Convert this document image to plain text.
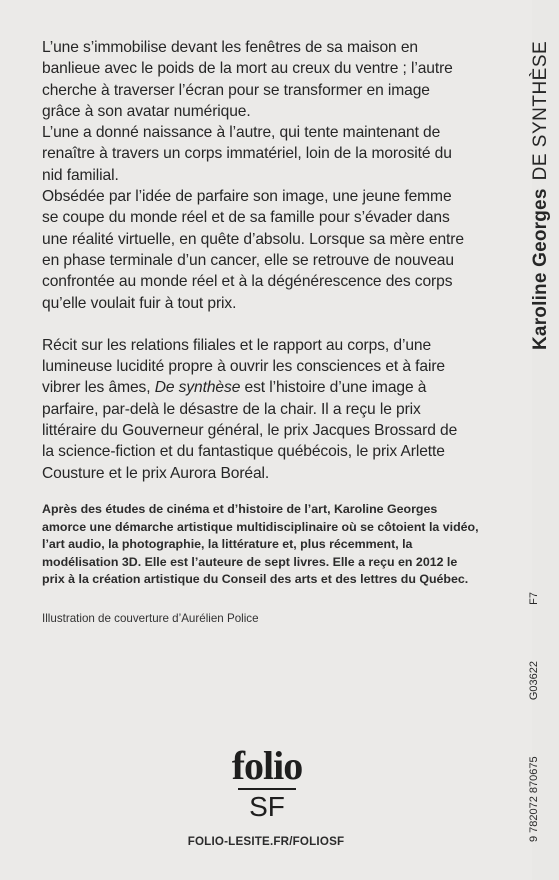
L’une s’immobilise devant les fenêtres de sa maison en banlieue avec le poids de la mort au creux du ventre ; l’autre cherche à traverser l’écran pour se transformer en image grâce à son avatar numérique.

L’une a donné naissance à l’autre, qui tente maintenant de renaître à travers un corps immatériel, loin de la morosité du nid familial.

Obsédée par l’idée de parfaire son image, une jeune femme se coupe du monde réel et de sa famille pour s’évader dans une réalité virtuelle, en quête d’absolu. Lorsque sa mère entre en phase terminale d’un cancer, elle se retrouve de nouveau confrontée au monde réel et à la dégénérescence des corps qu’elle voulait fuir à tout prix.

Récit sur les relations filiales et le rapport au corps, d’une lumineuse lucidité propre à ouvrir les consciences et à faire vibrer les âmes, De synthèse est l’histoire d’une image à parfaire, par-delà le désastre de la chair. Il a reçu le prix littéraire du Gouverneur général, le prix Jacques Brossard de la science-fiction et du fantastique québécois, le prix Arlette Cousture et le prix Aurora Boréal.

Après des études de cinéma et d’histoire de l’art, Karoline Georges amorce une démarche artistique multidisciplinaire où se côtoient la vidéo, l’art audio, la photographie, la littérature et, plus récemment, la modélisation 3D. Elle est l’auteure de sept livres. Elle a reçu en 2012 le prix à la création artistique du Conseil des arts et des lettres du Québec.

Illustration de couverture d’Aurélien Police
Karoline GeorgesDE SYNTHÈSE
folio
SF
FOLIO-LESITE.FR/FOLIOSF	9 782072 870675
G03622
F7
